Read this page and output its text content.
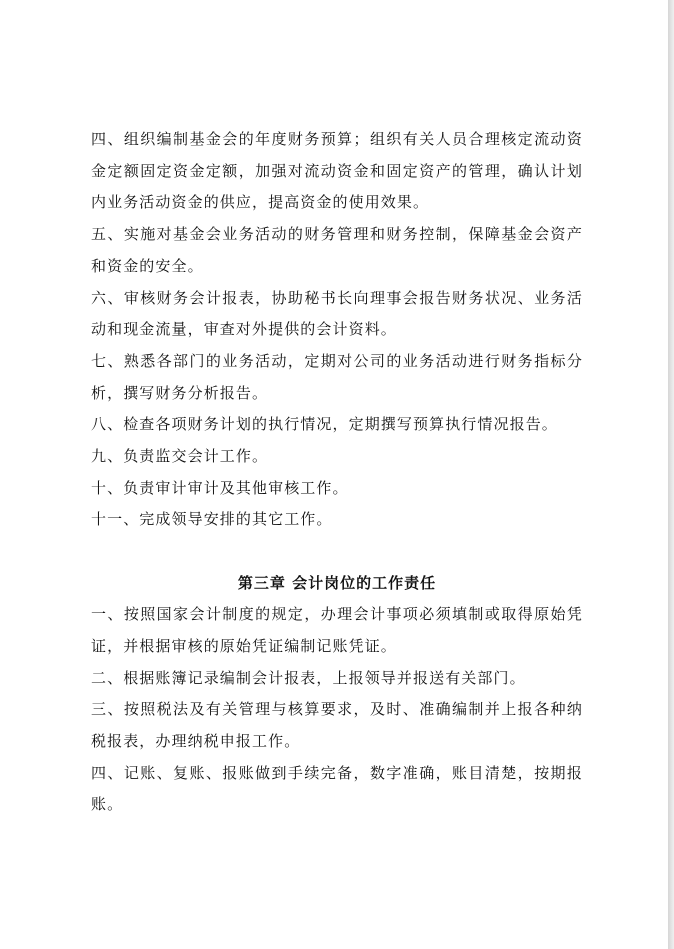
四、组织编制基金会的年度财务预算；组织有关人员合理核定流动资金定额固定资金定额，加强对流动资金和固定资产的管理，确认计划内业务活动资金的供应，提高资金的使用效果。

五、实施对基金会业务活动的财务管理和财务控制，保障基金会资产和资金的安全。

六、审核财务会计报表，协助秘书长向理事会报告财务状况、业务活动和现金流量，审查对外提供的会计资料。

七、熟悉各部门的业务活动，定期对公司的业务活动进行财务指标分析，撰写财务分析报告。

八、检查各项财务计划的执行情况，定期撰写预算执行情况报告。

九、负责监交会计工作。

十、负责审计审计及其他审核工作。

十一、完成领导安排的其它工作。

第三章 会计岗位的工作责任

一、按照国家会计制度的规定，办理会计事项必须填制或取得原始凭证，并根据审核的原始凭证编制记账凭证。

二、根据账簿记录编制会计报表，上报领导并报送有关部门。

三、按照税法及有关管理与核算要求，及时、准确编制并上报各种纳税报表，办理纳税申报工作。

四、记账、复账、报账做到手续完备，数字准确，账目清楚，按期报账。
